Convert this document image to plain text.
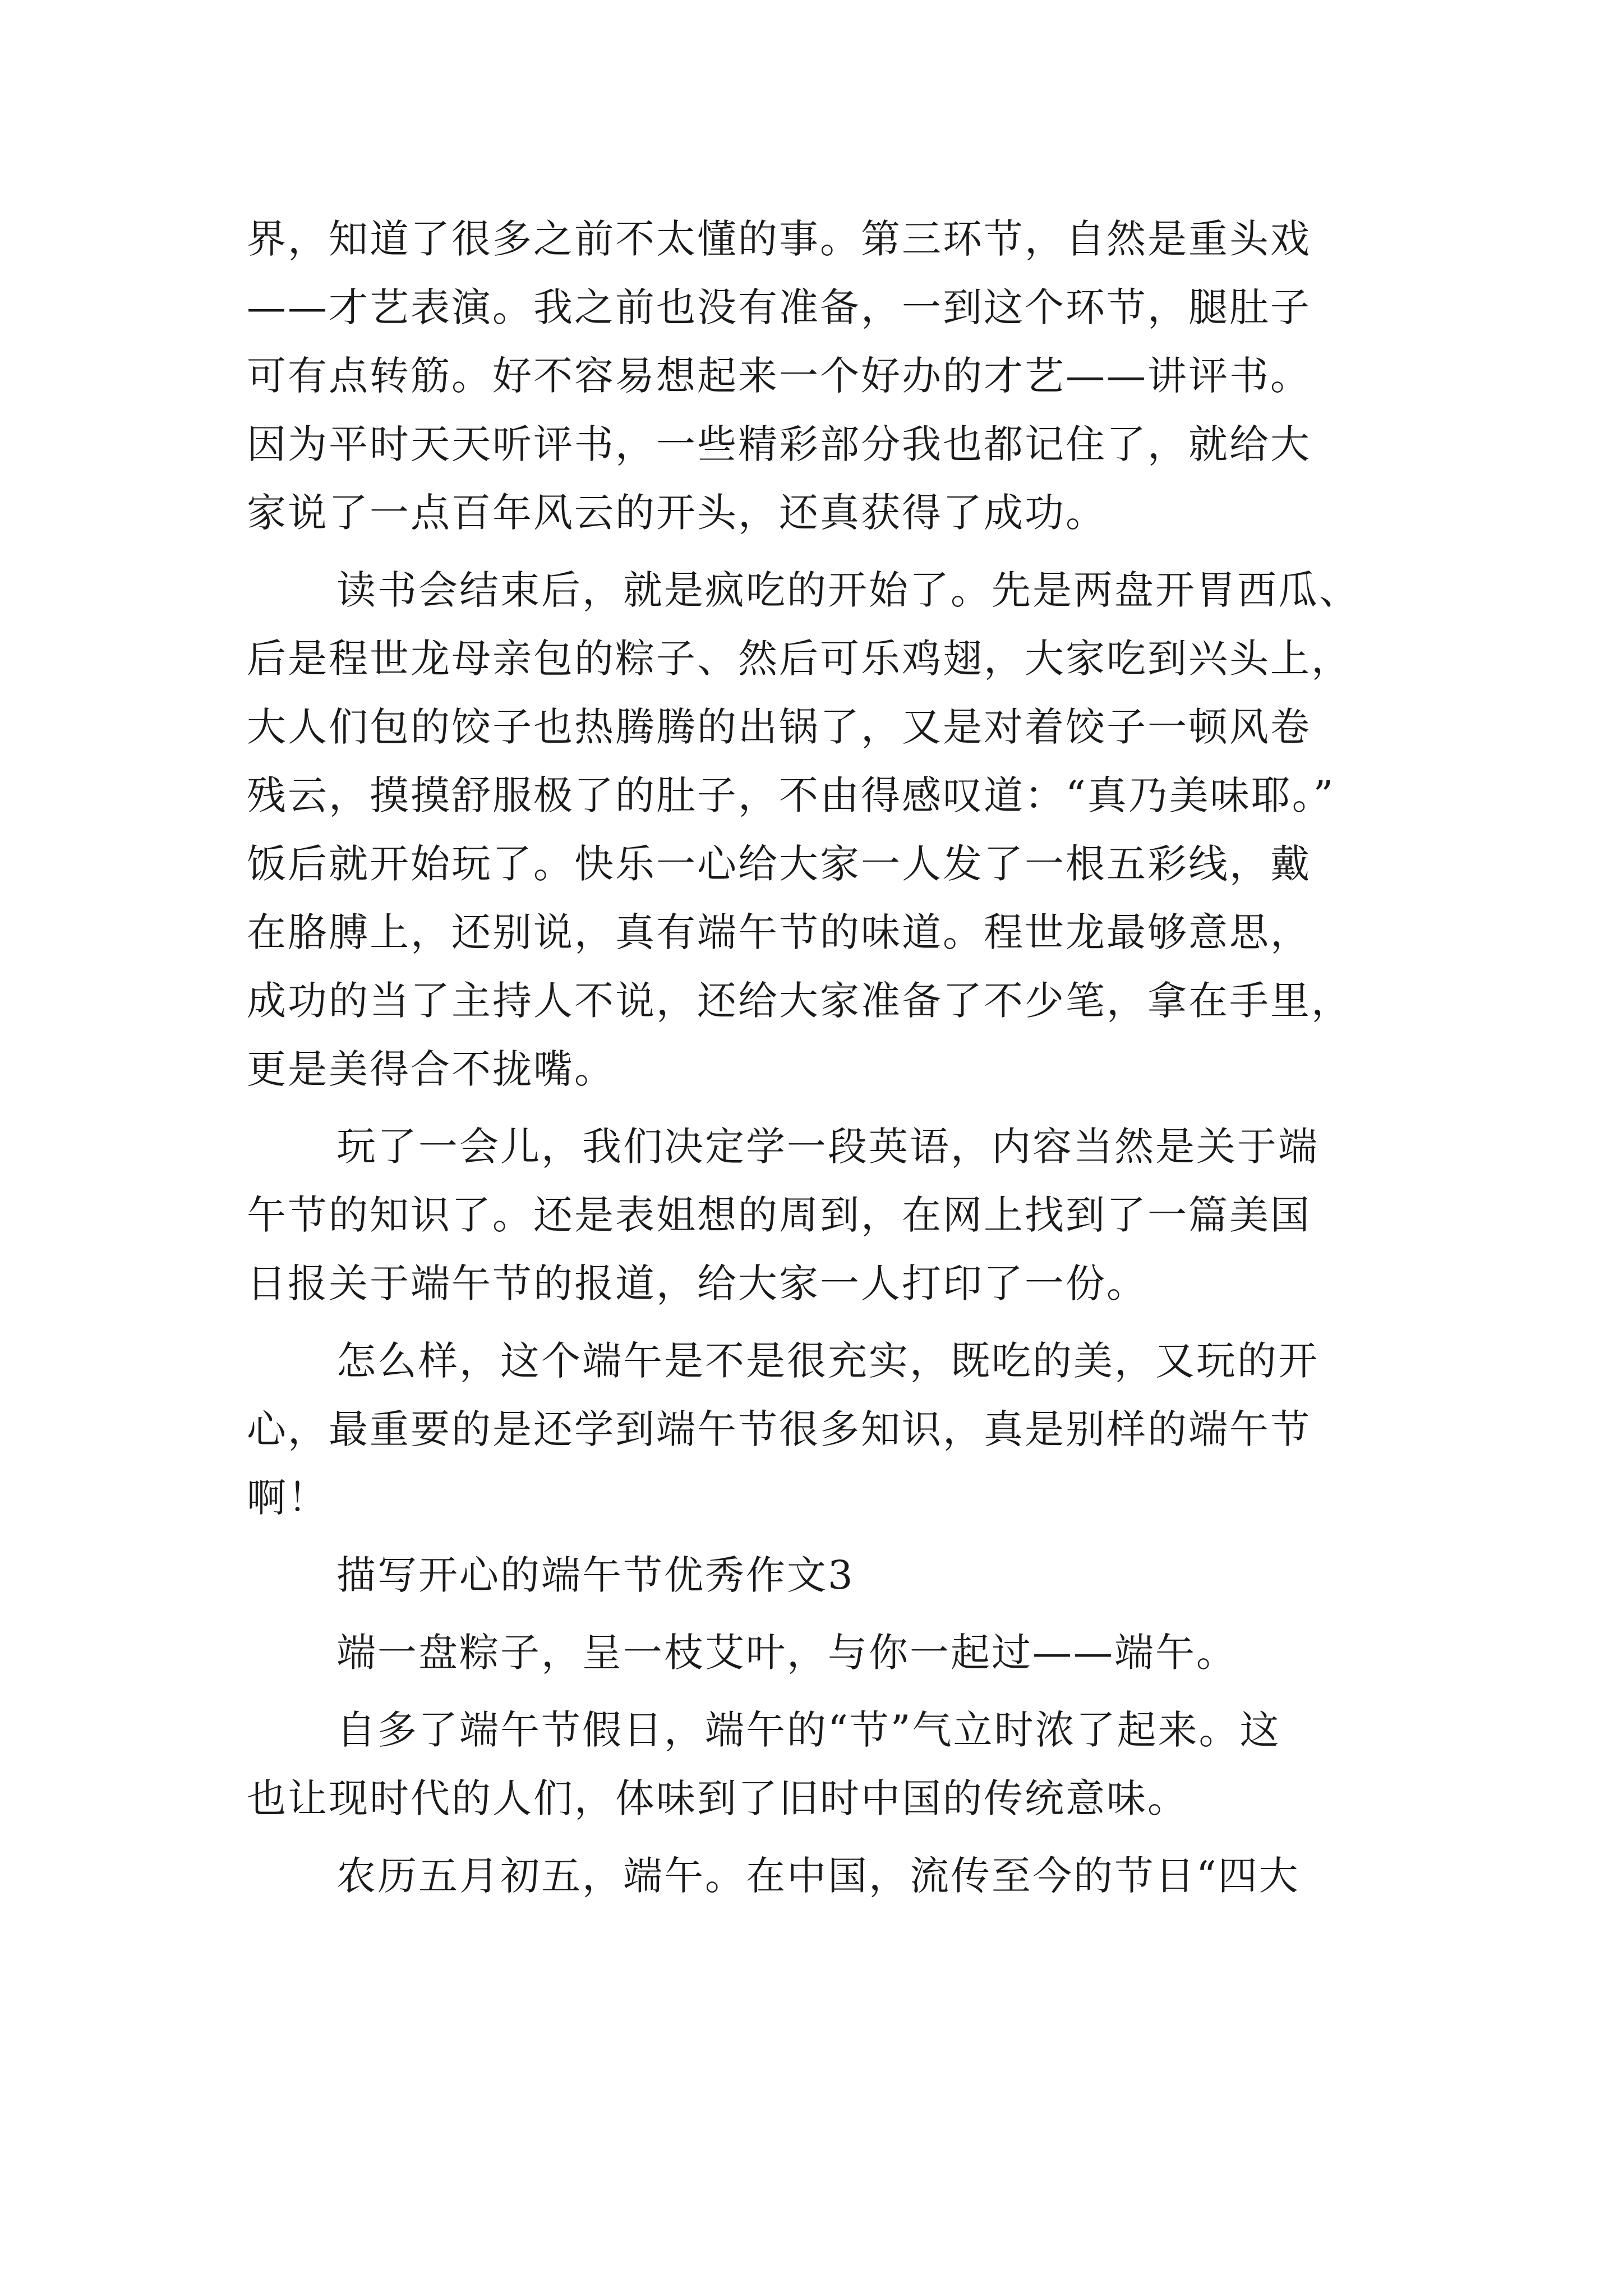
界，知道了很多之前不太懂的事。第三环节，自然是重头戏
——才艺表演。我之前也没有准备，一到这个环节，腿肚子
可有点转筋。好不容易想起来一个好办的才艺——讲评书。
因为平时天天听评书，一些精彩部分我也都记住了，就给大
家说了一点百年风云的开头，还真获得了成功。
读书会结束后，就是疯吃的开始了。先是两盘开胃西瓜、
后是程世龙母亲包的粽子、然后可乐鸡翅，大家吃到兴头上，
大人们包的饺子也热腾腾的出锅了，又是对着饺子一顿风卷
残云，摸摸舒服极了的肚子，不由得感叹道：“真乃美味耶。”
饭后就开始玩了。快乐一心给大家一人发了一根五彩线，戴
在胳膊上，还别说，真有端午节的味道。程世龙最够意思，
成功的当了主持人不说，还给大家准备了不少笔，拿在手里，
更是美得合不拢嘴。
玩了一会儿，我们决定学一段英语，内容当然是关于端
午节的知识了。还是表姐想的周到，在网上找到了一篇美国
日报关于端午节的报道，给大家一人打印了一份。
怎么样，这个端午是不是很充实，既吃的美，又玩的开
心，最重要的是还学到端午节很多知识，真是别样的端午节
啊！
描写开心的端午节优秀作文3
端一盘粽子，呈一枝艾叶，与你一起过——端午。
自多了端午节假日，端午的“节”气立时浓了起来。这
也让现时代的人们，体味到了旧时中国的传统意味。
农历五月初五，端午。在中国，流传至今的节日“四大
